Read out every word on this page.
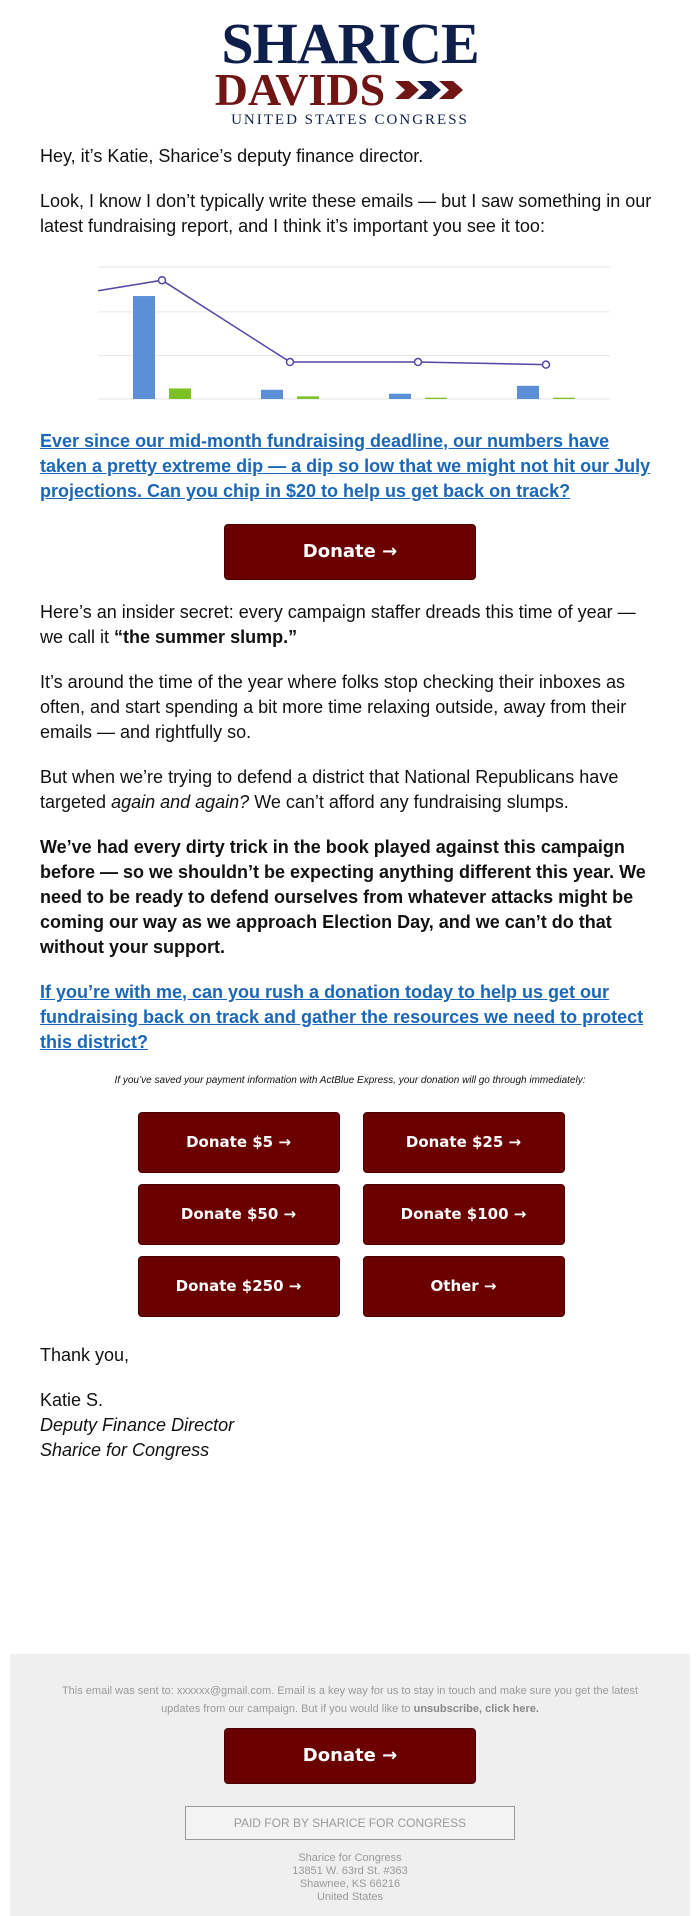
SHARICE
DAVIDS
UNITED STATES CONGRESS

Hey, it’s Katie, Sharice’s deputy finance director.

Look, I know I don’t typically write these emails — but I saw something in our latest fundraising report, and I think it’s important you see it too:

Ever since our mid-month fundraising deadline, our numbers have taken a pretty extreme dip — a dip so low that we might not hit our July projections. Can you chip in $20 to help us get back on track?
Donate →

Here’s an insider secret: every campaign staffer dreads this time of year — we call it “the summer slump.”

It’s around the time of the year where folks stop checking their inboxes as often, and start spending a bit more time relaxing outside, away from their emails — and rightfully so.

But when we’re trying to defend a district that National Republicans have targeted again and again? We can’t afford any fundraising slumps.

We’ve had every dirty trick in the book played against this campaign before — so we shouldn’t be expecting anything different this year. We need to be ready to defend ourselves from whatever attacks might be coming our way as we approach Election Day, and we can’t do that without your support.

If you’re with me, can you rush a donation today to help us get our fundraising back on track and gather the resources we need to protect this district?
If you’ve saved your payment information with ActBlue Express, your donation will go through immediately:
Donate $5 →	Donate $25 →
Donate $50 →	Donate $100 →
Donate $250 →	Other →

Thank you,

Katie S.

Deputy Finance Director

Sharice for Congress

This email was sent to: xxxxxx@gmail.com. Email is a key way for us to stay in touch and make sure you get the latest updates from our campaign. But if you would like to unsubscribe, click here.
Donate →
PAID FOR BY SHARICE FOR CONGRESS
Sharice for Congress
13851 W. 63rd St. #363
Shawnee, KS 66216
United States
